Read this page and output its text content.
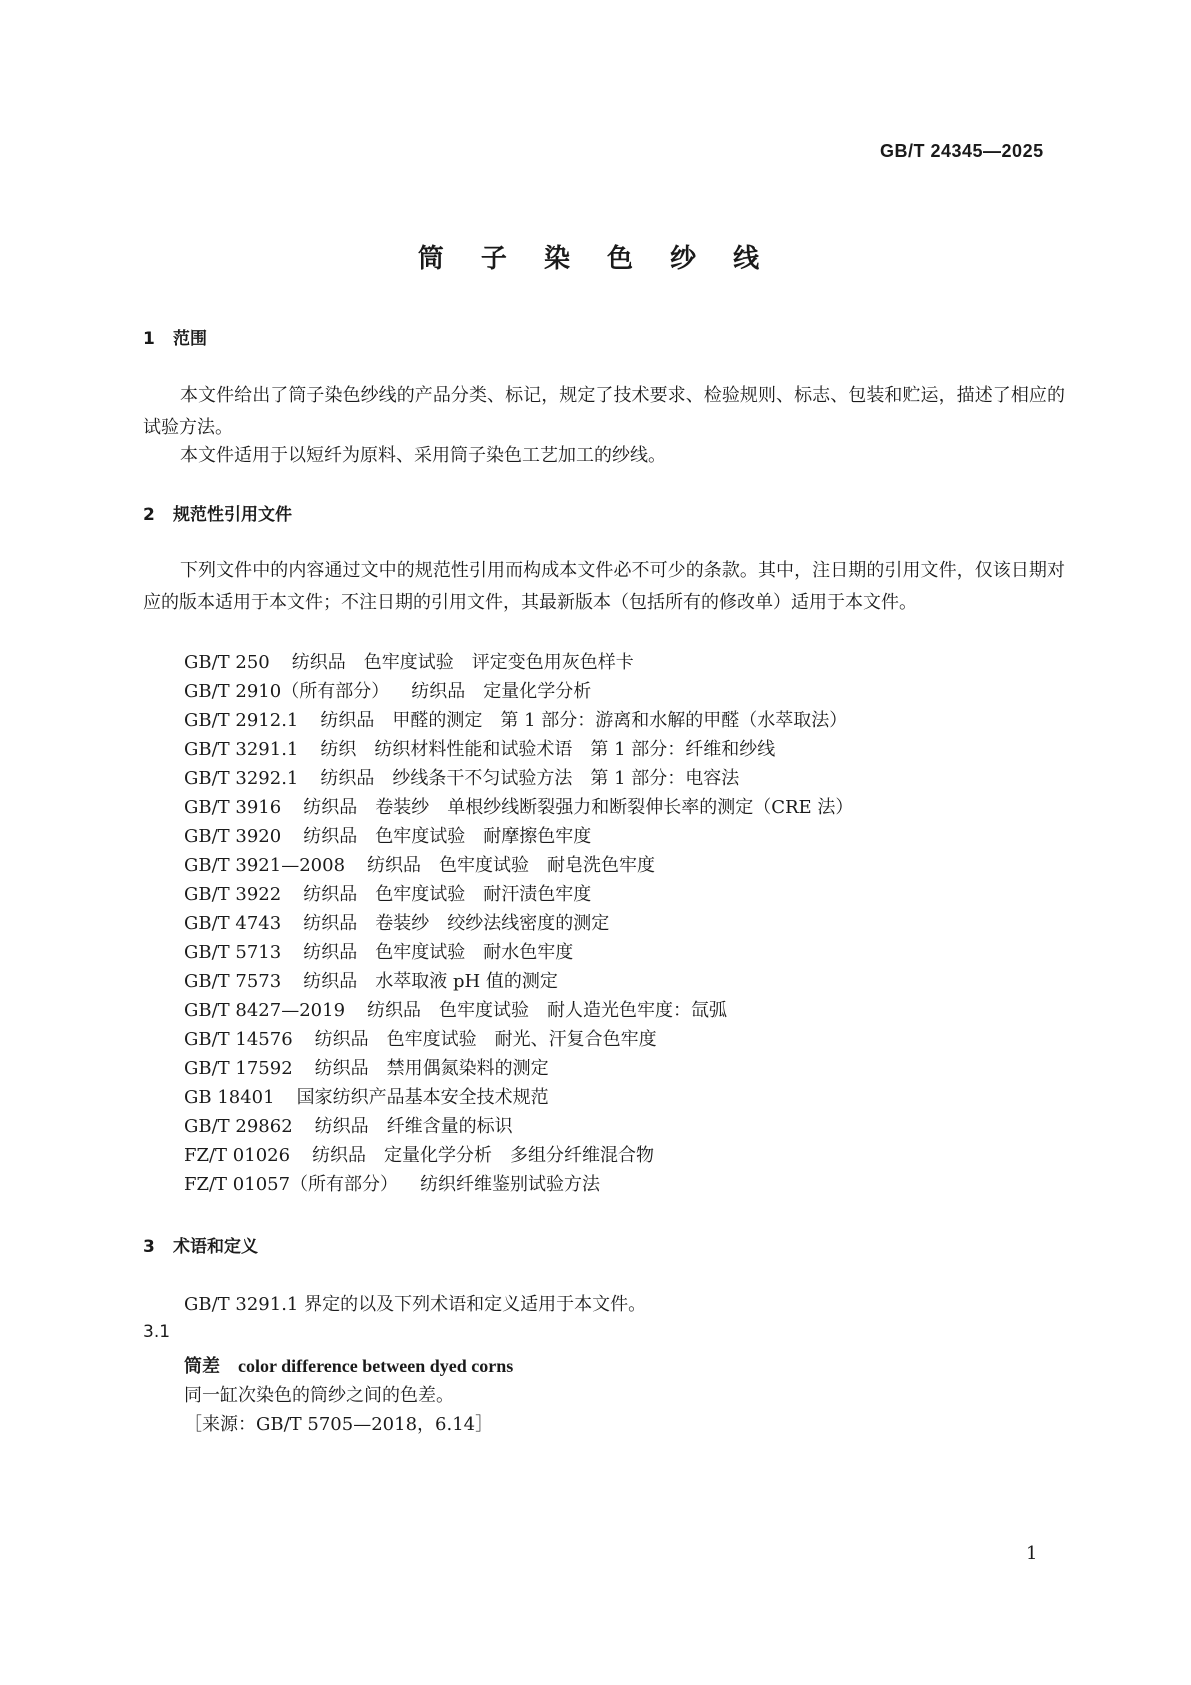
GB/T 24345—2025
筒 子 染 色 纱 线
1 范围
本文件给出了筒子染色纱线的产品分类、标记，规定了技术要求、检验规则、标志、包装和贮运，描述了相应的试验方法。
本文件适用于以短纤为原料、采用筒子染色工艺加工的纱线。
2 规范性引用文件
下列文件中的内容通过文中的规范性引用而构成本文件必不可少的条款。其中，注日期的引用文件，仅该日期对应的版本适用于本文件；不注日期的引用文件，其最新版本（包括所有的修改单）适用于本文件。
GB/T 250 纺织品　色牢度试验　评定变色用灰色样卡
GB/T 2910（所有部分） 纺织品　定量化学分析
GB/T 2912.1 纺织品　甲醛的测定　第 1 部分：游离和水解的甲醛（水萃取法）
GB/T 3291.1 纺织　纺织材料性能和试验术语　第 1 部分：纤维和纱线
GB/T 3292.1 纺织品　纱线条干不匀试验方法　第 1 部分：电容法
GB/T 3916 纺织品　卷装纱　单根纱线断裂强力和断裂伸长率的测定（CRE 法）
GB/T 3920 纺织品　色牢度试验　耐摩擦色牢度
GB/T 3921—2008 纺织品　色牢度试验　耐皂洗色牢度
GB/T 3922 纺织品　色牢度试验　耐汗渍色牢度
GB/T 4743 纺织品　卷装纱　绞纱法线密度的测定
GB/T 5713 纺织品　色牢度试验　耐水色牢度
GB/T 7573 纺织品　水萃取液 pH 值的测定
GB/T 8427—2019 纺织品　色牢度试验　耐人造光色牢度：氙弧
GB/T 14576 纺织品　色牢度试验　耐光、汗复合色牢度
GB/T 17592 纺织品　禁用偶氮染料的测定
GB 18401 国家纺织产品基本安全技术规范
GB/T 29862 纺织品　纤维含量的标识
FZ/T 01026 纺织品　定量化学分析　多组分纤维混合物
FZ/T 01057（所有部分） 纺织纤维鉴别试验方法
3 术语和定义
GB/T 3291.1 界定的以及下列术语和定义适用于本文件。
3.1
筒差 color difference between dyed corns
同一缸次染色的筒纱之间的色差。
［来源：GB/T 5705—2018，6.14］
1
